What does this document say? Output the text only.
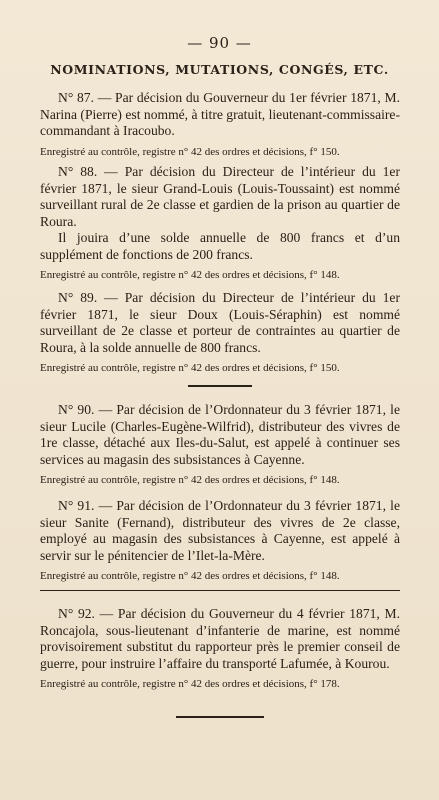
— 90 —
NOMINATIONS, MUTATIONS, CONGÉS, ETC.

N° 87. — Par décision du Gouverneur du 1er février 1871, M. Narina (Pierre) est nommé, à titre gratuit, lieutenant-commissaire-commandant à Iracoubo.

Enregistré au contrôle, registre n° 42 des ordres et décisions, f° 150.

N° 88. — Par décision du Directeur de l’intérieur du 1er février 1871, le sieur Grand-Louis (Louis-Toussaint) est nommé surveillant rural de 2e classe et gardien de la prison au quartier de Roura.

Il jouira d’une solde annuelle de 800 francs et d’un supplément de fonctions de 200 francs.

Enregistré au contrôle, registre n° 42 des ordres et décisions, f° 148.

N° 89. — Par décision du Directeur de l’intérieur du 1er février 1871, le sieur Doux (Louis-Séraphin) est nommé surveillant de 2e classe et porteur de contraintes au quartier de Roura, à la solde annuelle de 800 francs.

Enregistré au contrôle, registre n° 42 des ordres et décisions, f° 150.

N° 90. — Par décision de l’Ordonnateur du 3 février 1871, le sieur Lucile (Charles-Eugène-Wilfrid), distributeur des vivres de 1re classe, détaché aux Iles-du-Salut, est appelé à continuer ses services au magasin des subsistances à Cayenne.

Enregistré au contrôle, registre n° 42 des ordres et décisions, f° 148.

N° 91. — Par décision de l’Ordonnateur du 3 février 1871, le sieur Sanite (Fernand), distributeur des vivres de 2e classe, employé au magasin des subsistances à Cayenne, est appelé à servir sur le pénitencier de l’Ilet-la-Mère.

Enregistré au contrôle, registre n° 42 des ordres et décisions, f° 148.

N° 92. — Par décision du Gouverneur du 4 février 1871, M. Roncajola, sous-lieutenant d’infanterie de marine, est nommé provisoirement substitut du rapporteur près le premier conseil de guerre, pour instruire l’affaire du transporté Lafumée, à Kourou.

Enregistré au contrôle, registre n° 42 des ordres et décisions, f° 178.
